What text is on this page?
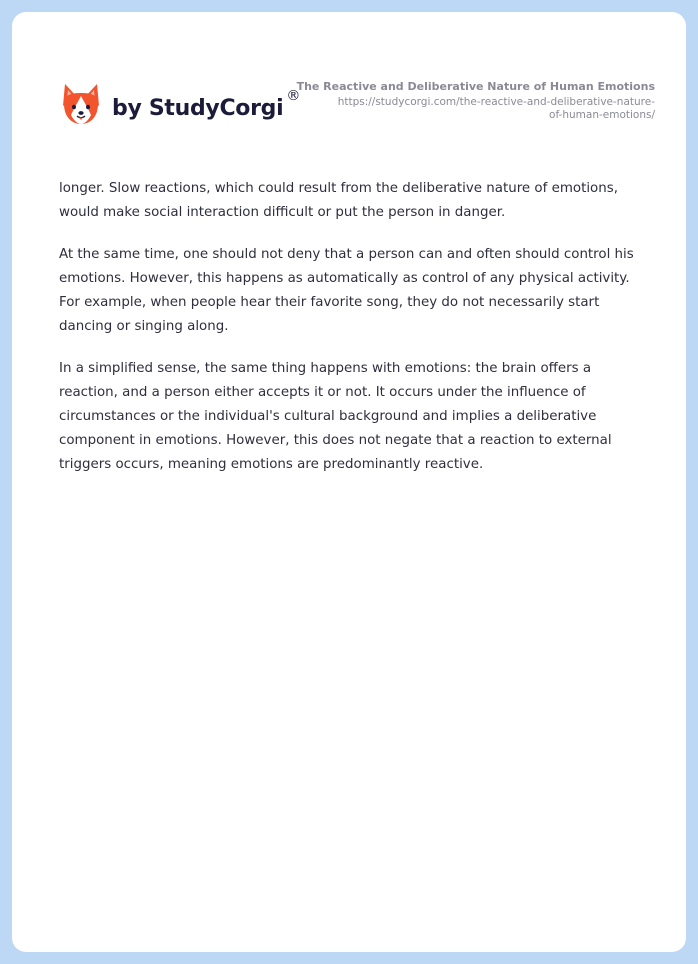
by StudyCorgi ®
The Reactive and Deliberative Nature of Human Emotions
https://studycorgi.com/the-reactive-and-deliberative-nature-
of-human-emotions/

longer. Slow reactions, which could result from the deliberative nature of emotions, would make social interaction difficult or put the person in danger.

At the same time, one should not deny that a person can and often should control his emotions. However, this happens as automatically as control of any physical activity. For example, when people hear their favorite song, they do not necessarily start dancing or singing along.

In a simplified sense, the same thing happens with emotions: the brain offers a reaction, and a person either accepts it or not. It occurs under the influence of circumstances or the individual's cultural background and implies a deliberative component in emotions. However, this does not negate that a reaction to external triggers occurs, meaning emotions are predominantly reactive.
